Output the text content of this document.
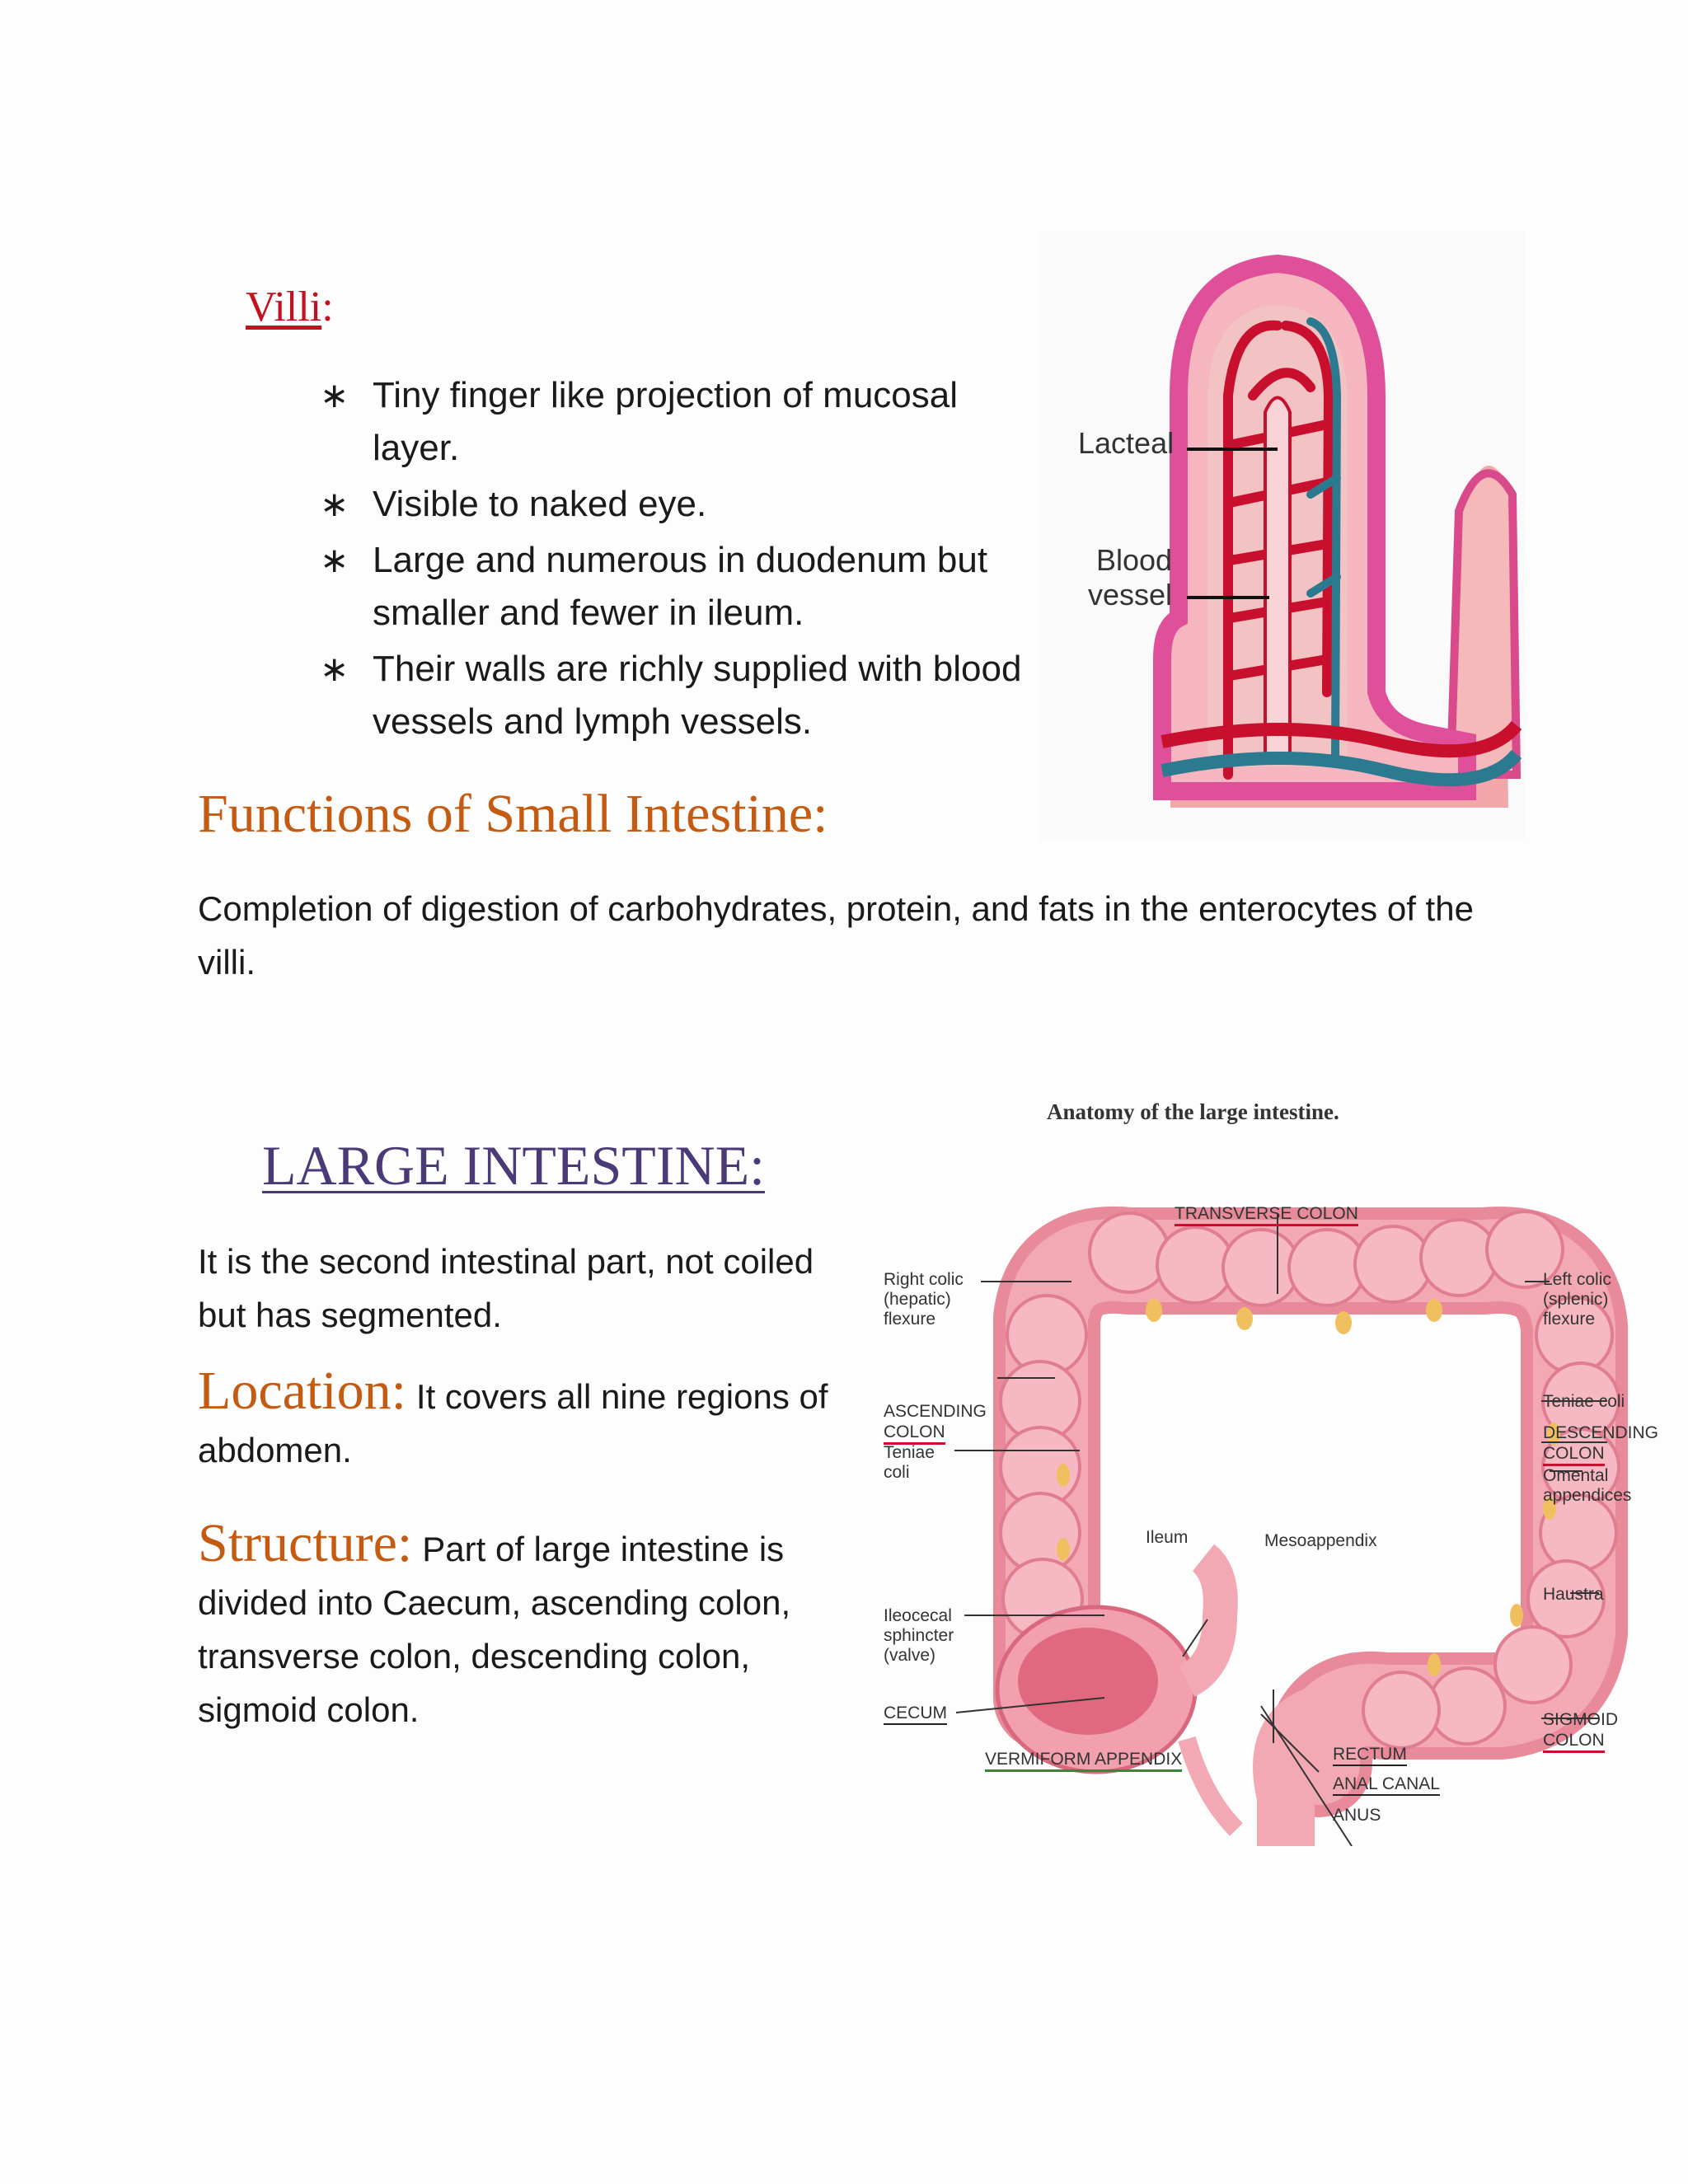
Villi:
∗ Tiny finger like projection of mucosal layer.
∗ Visible to naked eye.
∗ Large and numerous in duodenum but smaller and fewer in ileum.
∗ Their walls are richly supplied with blood vessels and lymph vessels.
Lacteal
Blood
vessel
Functions of Small Intestine:
Completion of digestion of carbohydrates, protein, and fats in the enterocytes of the villi.
LARGE INTESTINE:
It is the second intestinal part, not coiled but has segmented.
Location: It covers all nine regions of abdomen.
Structure: Part of large intestine is divided into Caecum, ascending colon, transverse colon, descending colon, sigmoid colon.
Anatomy of the large intestine.
TRANSVERSE COLON
Right colic
(hepatic)
flexure
Left colic
(splenic)
flexure
Teniae coli
ASCENDING
COLON	DESCENDING
COLON
Teniae
coli	Omental
appendices
Ileum	Mesoappendix
Haustra
Ileocecal
sphincter
(valve)
CECUM	SIGMOID
COLON
VERMIFORM APPENDIX	RECTUM
ANAL CANAL
ANUS
